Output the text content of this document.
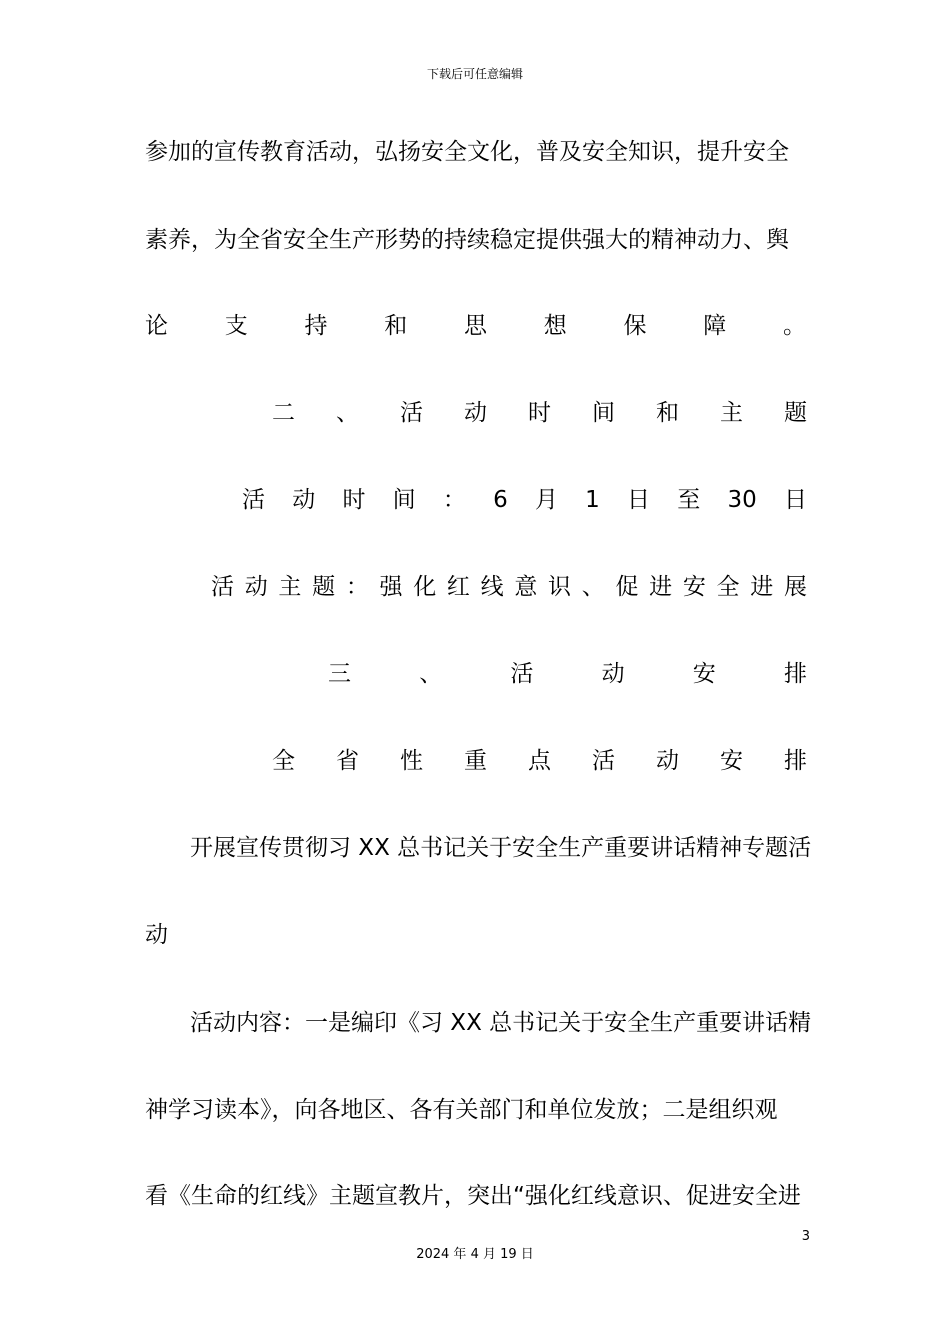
下载后可任意编辑
参加的宣传教育活动，弘扬安全文化，普及安全知识，提升安全
素养，为全省安全生产形势的持续稳定提供强大的精神动力、舆
论 支 持 和 思 想 保 障 。
二 、 活 动 时 间 和 主 题
活 动 时 间 ： 6 月 1 日 至 30 日
活 动 主 题 ： 强 化 红 线 意 识 、 促 进 安 全 进 展
三	、	活	动	安	排
全 省 性 重 点 活 动 安 排
开展宣传贯彻习 XX 总书记关于安全生产重要讲话精神专题活
动
活动内容：一是编印《习 XX 总书记关于安全生产重要讲话精
神学习读本》，向各地区、各有关部门和单位发放；二是组织观
看《生命的红线》主题宣教片，突出“强化红线意识、促进安全进
3
2024 年 4 月 19 日
